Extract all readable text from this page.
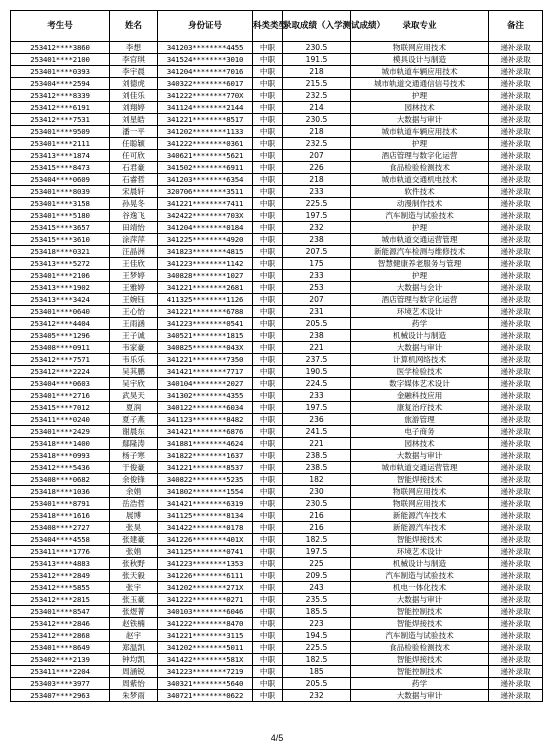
考生号	姓名	身份证号	科类类型	录取成绩（入学测试成绩）	录取专业	备注
253412****3860	李想	341203********4455	中职	230.5	物联网应用技术	递补录取
253401****2100	李官琪	341524********3010	中职	191.5	模具设计与制造	递补录取
253401****0393	李宇晨	341204********7016	中职	218	城市轨道车辆应用技术	递补录取
253404****2594	刘德虎	340322********6017	中职	215.5	城市轨道交通通信信号技术	递补录取
253412****8339	刘佳乐	341222********770X	中职	232.5	护理	递补录取
253412****6191	刘翔婷	341124********2144	中职	214	园林技术	递补录取
253412****7531	刘星皓	341221********8517	中职	230.5	大数据与审计	递补录取
253401****9509	潘一平	341202********1133	中职	218	城市轨道车辆应用技术	递补录取
253401****2111	任聪颖	341222********0361	中职	232.5	护理	递补录取
253413****1874	任可欣	340621********5621	中职	207	酒店管理与数字化运营	递补录取
253415****8473	石君豪	341502********6911	中职	226	食品检验检测技术	递补录取
253404****0609	石睿哲	341203********6354	中职	218	城市轨道交通机电技术	递补录取
253401****8039	宋晨轩	320706********3511	中职	233	软件技术	递补录取
253401****3158	孙晃冬	341221********7411	中职	225.5	动漫制作技术	递补录取
253401****5180	谷逸飞	342422********703X	中职	197.5	汽车制造与试验技术	递补录取
253415****3657	田靖怡	341204********0184	中职	232	护理	递补录取
253415****3610	涂萍萍	341225********4920	中职	238	城市轨道交通运营管理	递补录取
253418****0321	汪晶洲	341823********4815	中职	207.5	新能源汽车检测与维修技术	递补录取
253413****5272	王佳欣	341223********1142	中职	175	智慧健康养老服务与管理	递补录取
253401****2106	王梦婷	340828********1027	中职	233	护理	递补录取
253413****1902	王雅婷	341221********2681	中职	253	大数据与会计	递补录取
253413****3424	王婉钰	411325********1126	中职	207	酒店管理与数字化运营	递补录取
253401****0640	王心怡	341221********6788	中职	231	环境艺术设计	递补录取
253412****4404	王雨涵	341223********0541	中职	205.5	药学	递补录取
253405****1296	王子诚	340521********1815	中职	238	机械设计与制造	递补录取
253408****0911	韦家豪	340825********043X	中职	221	大数据与审计	递补录取
253412****7571	韦乐乐	341221********7350	中职	237.5	计算机网络技术	递补录取
253412****2224	吴其鹏	341421********7717	中职	190.5	医学检验技术	递补录取
253404****0603	吴宇欣	340104********2027	中职	224.5	数字媒体艺术设计	递补录取
253401****2716	武昊天	341302********4355	中职	233	金融科技应用	递补录取
253415****7012	夏润	340122********6034	中职	197.5	康复治疗技术	递补录取
253411****0240	夏子燕	341123********8482	中职	236	旅游管理	递补录取
253401****2429	谢晨东	341421********6876	中职	241.5	电子商务	递补录取
253418****1400	鄢隆涛	341881********4624	中职	221	园林技术	递补录取
253418****0993	杨子寒	341822********1637	中职	238.5	大数据与审计	递补录取
253412****5436	于俊豪	341221********8537	中职	238.5	城市轨道交通运营管理	递补录取
253408****0682	余俊锋	340822********5235	中职	182	智能焊接技术	递补录取
253418****1036	余娟	341802********1554	中职	230	物联网应用技术	递补录取
253401****8791	岳浩哲	341421********6319	中职	230.5	物联网应用技术	递补录取
253418****1616	展博	341125********8134	中职	216	新能源汽车技术	递补录取
253408****2727	张昊	341422********0178	中职	216	新能源汽车技术	递补录取
253404****4558	张建豪	341226********401X	中职	182.5	智能焊接技术	递补录取
253411****1776	张娟	341125********0741	中职	197.5	环境艺术设计	递补录取
253413****4883	张秋野	341223********1353	中职	225	机械设计与制造	递补录取
253412****2849	张天毅	341226********6111	中职	209.5	汽车制造与试验技术	递补录取
253412****5855	张宇	341202********271X	中职	243	机电一体化技术	递补录取
253412****2815	张玉豪	341222********0271	中职	235.5	大数据与审计	递补录取
253401****8547	张煜菁	340103********6046	中职	185.5	智能控制技术	递补录取
253412****2846	赵铁楠	341222********8470	中职	223	智能焊接技术	递补录取
253412****2868	赵宇	341221********3115	中职	194.5	汽车制造与试验技术	递补录取
253401****8649	郑温凯	341202********5011	中职	225.5	食品检验检测技术	递补录取
253402****2139	钟均凯	341422********581X	中职	182.5	智能焊接技术	递补录取
253411****2204	周涵锐	341223********7219	中职	185	智能控制技术	递补录取
253403****3977	周紫怡	340321********5640	中职	205.5	药学	递补录取
253407****2963	朱梦雨	340721********0622	中职	232	大数据与审计	递补录取
4/5
